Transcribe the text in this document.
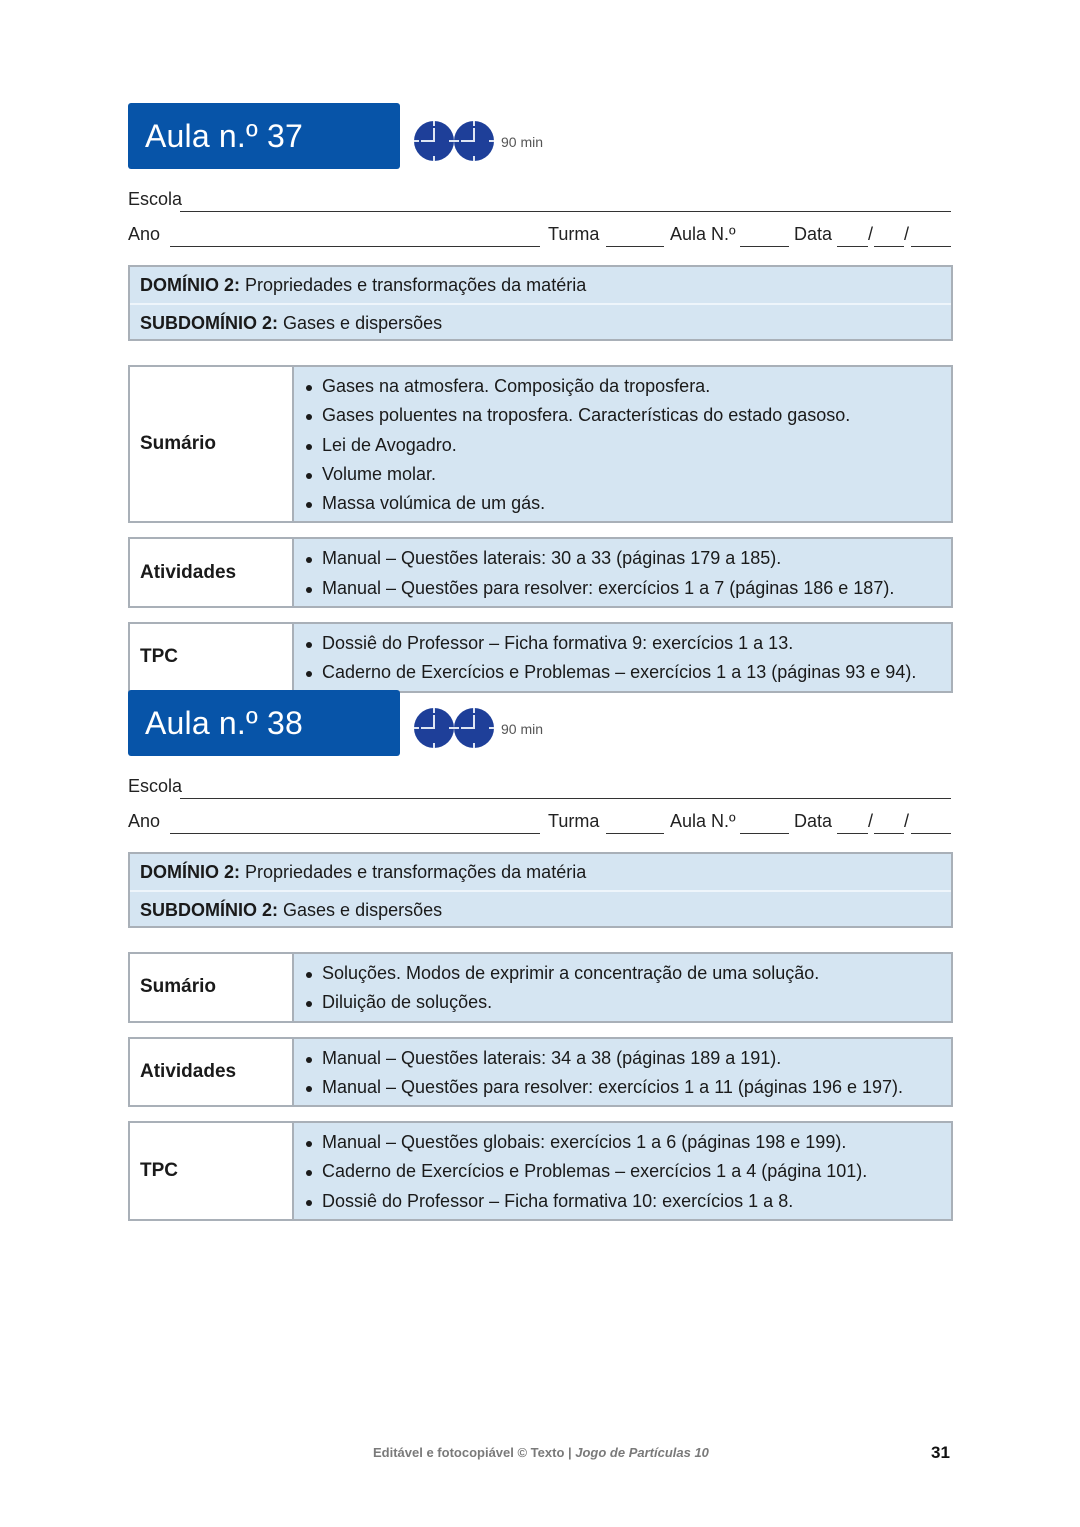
Aula n.º 37	90 min
Escola
Ano	Turma	Aula N.º	Data / /
DOMÍNIO 2: Propriedades e transformações da matéria
SUBDOMÍNIO 2: Gases e dispersões
Sumário
Gases na atmosfera. Composição da troposfera.
Gases poluentes na troposfera. Características do estado gasoso.
Lei de Avogadro.
Volume molar.
Massa volúmica de um gás.
Atividades
Manual – Questões laterais: 30 a 33 (páginas 179 a 185).
Manual – Questões para resolver: exercícios 1 a 7 (páginas 186 e 187).
TPC
Dossiê do Professor – Ficha formativa 9: exercícios 1 a 13.
Caderno de Exercícios e Problemas – exercícios 1 a 13 (páginas 93 e 94).
Aula n.º 38	90 min
Escola
Ano	Turma	Aula N.º	Data / /
DOMÍNIO 2: Propriedades e transformações da matéria
SUBDOMÍNIO 2: Gases e dispersões
Sumário
Soluções. Modos de exprimir a concentração de uma solução.
Diluição de soluções.
Atividades
Manual – Questões laterais: 34 a 38 (páginas 189 a 191).
Manual – Questões para resolver: exercícios 1 a 11 (páginas 196 e 197).
TPC
Manual – Questões globais: exercícios 1 a 6 (páginas 198 e 199).
Caderno de Exercícios e Problemas – exercícios 1 a 4 (página 101).
Dossiê do Professor – Ficha formativa 10: exercícios 1 a 8.
Editável e fotocopiável © Texto | Jogo de Partículas 10	31
